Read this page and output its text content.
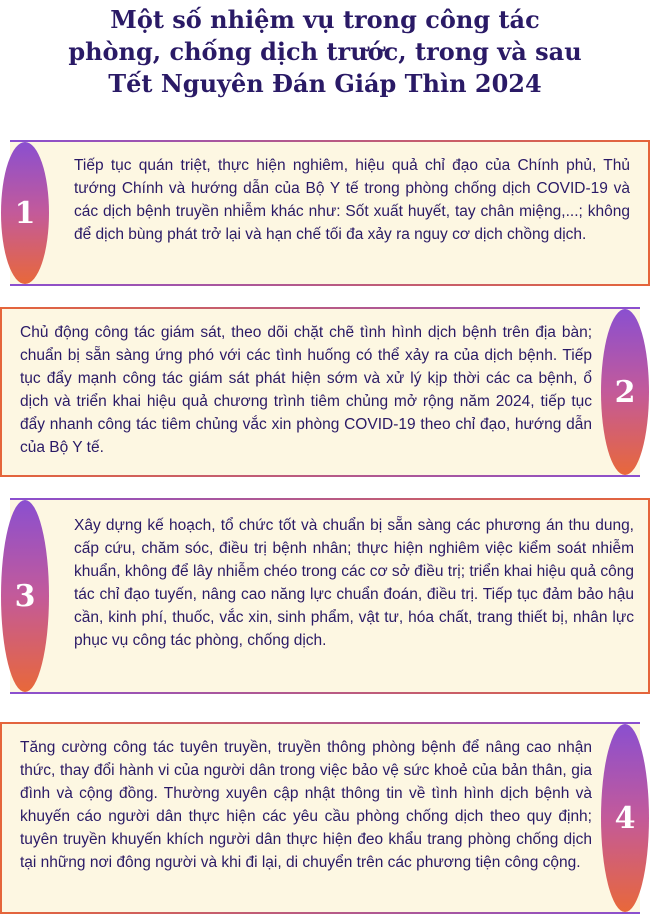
Một số nhiệm vụ trong công tác
phòng, chống dịch trước, trong và sau
Tết Nguyên Đán Giáp Thìn 2024
Tiếp tục quán triệt, thực hiện nghiêm, hiệu quả chỉ đạo của Chính phủ, Thủ tướng Chính và hướng dẫn của Bộ Y tế trong phòng chống dịch COVID-19 và các dịch bệnh truyền nhiễm khác như: Sốt xuất huyết, tay chân miệng,...; không để dịch bùng phát trở lại và hạn chế tối đa xảy ra nguy cơ dịch chồng dịch.
1
Chủ động công tác giám sát, theo dõi chặt chẽ tình hình dịch bệnh trên địa bàn; chuẩn bị sẵn sàng ứng phó với các tình huống có thể xảy ra của dịch bệnh. Tiếp tục đẩy mạnh công tác giám sát phát hiện sớm và xử lý kịp thời các ca bệnh, ổ dịch và triển khai hiệu quả chương trình tiêm chủng mở rộng năm 2024, tiếp tục đẩy nhanh công tác tiêm chủng vắc xin phòng COVID-19 theo chỉ đạo, hướng dẫn của Bộ Y tế.
2
Xây dựng kế hoạch, tổ chức tốt và chuẩn bị sẵn sàng các phương án thu dung, cấp cứu, chăm sóc, điều trị bệnh nhân; thực hiện nghiêm việc kiểm soát nhiễm khuẩn, không để lây nhiễm chéo trong các cơ sở điều trị; triển khai hiệu quả công tác chỉ đạo tuyến, nâng cao năng lực chuẩn đoán, điều trị. Tiếp tục đảm bảo hậu cần, kinh phí, thuốc, vắc xin, sinh phẩm, vật tư, hóa chất, trang thiết bị, nhân lực phục vụ công tác phòng, chống dịch.
3
Tăng cường công tác tuyên truyền, truyền thông phòng bệnh để nâng cao nhận thức, thay đổi hành vi của người dân trong việc bảo vệ sức khoẻ của bản thân, gia đình và cộng đồng. Thường xuyên cập nhật thông tin về tình hình dịch bệnh và khuyến cáo người dân thực hiện các yêu cầu phòng chống dịch theo quy định; tuyên truyền khuyến khích người dân thực hiện đeo khẩu trang phòng chống dịch tại những nơi đông người và khi đi lại, di chuyển trên các phương tiện công cộng.
4
